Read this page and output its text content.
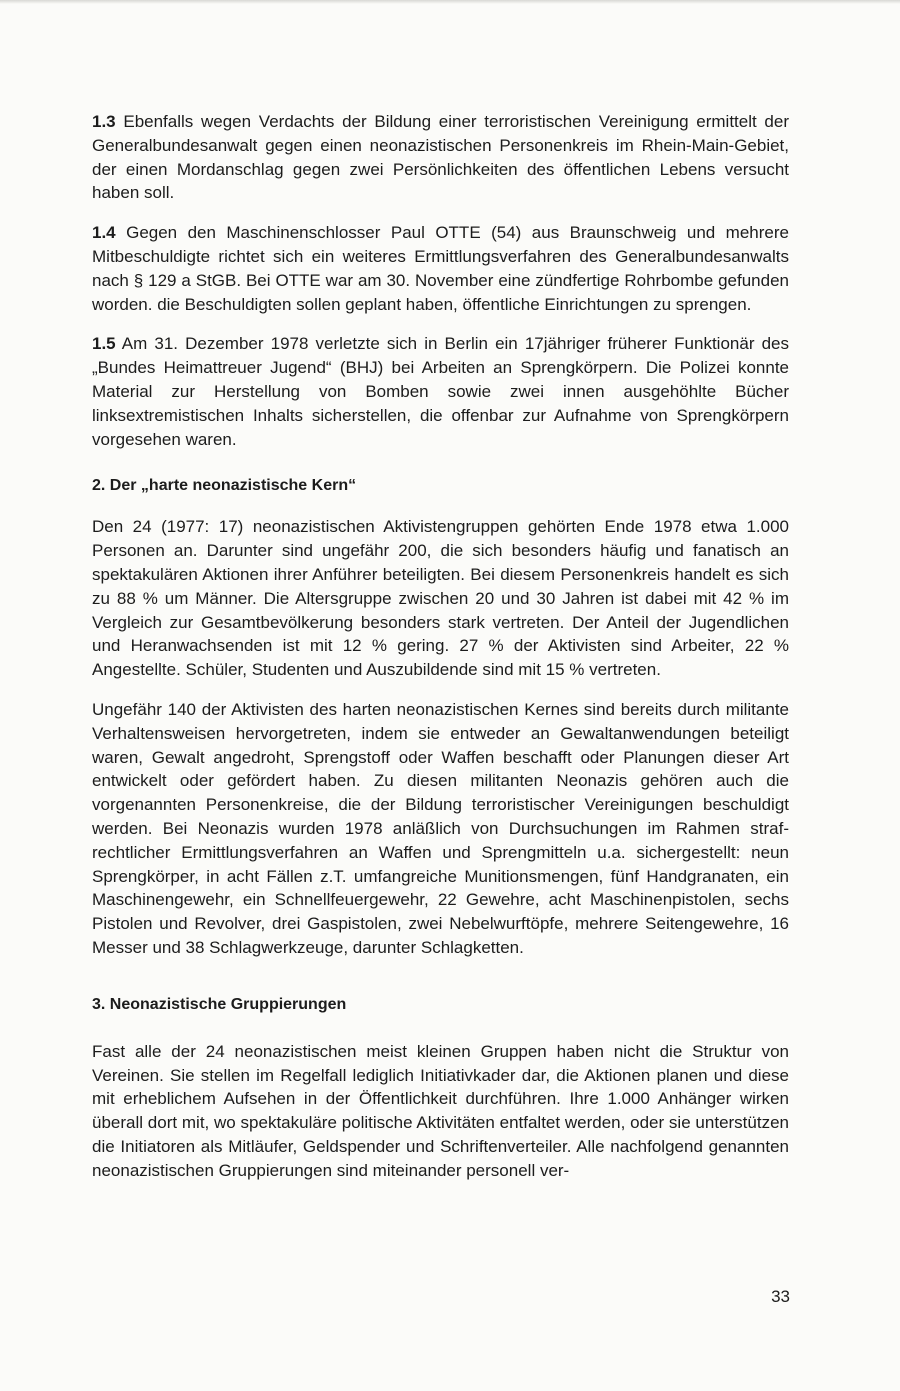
1.3 Ebenfalls wegen Verdachts der Bildung einer terroristischen Vereinigung ermittelt der Generalbundesanwalt gegen einen neonazistischen Personenkreis im Rhein-Main-Gebiet, der einen Mordanschlag gegen zwei Persönlichkeiten des öffentlichen Lebens versucht haben soll.

1.4 Gegen den Maschinenschlosser Paul OTTE (54) aus Braunschweig und mehrere Mitbeschuldigte richtet sich ein weiteres Ermittlungsverfahren des Generalbundesanwalts nach § 129 a StGB. Bei OTTE war am 30. November eine zündfertige Rohrbombe gefunden worden. die Beschuldigten sollen geplant haben, öffentliche Einrichtungen zu sprengen.

1.5 Am 31. Dezember 1978 verletzte sich in Berlin ein 17jähriger früherer Funktionär des „Bundes Heimattreuer Jugend“ (BHJ) bei Arbeiten an Sprengkörpern. Die Polizei konnte Material zur Herstellung von Bomben sowie zwei innen ausgehöhlte Bücher linksextremistischen Inhalts sicherstellen, die offenbar zur Aufnahme von Sprengkörpern vorgesehen waren.

2. Der „harte neonazistische Kern“

Den 24 (1977: 17) neonazistischen Aktivistengruppen gehörten Ende 1978 etwa 1.000 Personen an. Darunter sind ungefähr 200, die sich besonders häufig und fanatisch an spektakulären Aktionen ihrer Anführer beteiligten. Bei diesem Personenkreis handelt es sich zu 88 % um Männer. Die Altersgruppe zwischen 20 und 30 Jahren ist dabei mit 42 % im Vergleich zur Gesamtbevölkerung besonders stark vertreten. Der Anteil der Jugendlichen und Heranwachsenden ist mit 12 % gering. 27 % der Aktivisten sind Arbeiter, 22 % Angestellte. Schüler, Studenten und Auszubildende sind mit 15 % vertreten.

Ungefähr 140 der Aktivisten des harten neonazistischen Kernes sind bereits durch militante Verhaltensweisen hervorgetreten, indem sie entweder an Gewaltanwendungen beteiligt waren, Gewalt angedroht, Sprengstoff oder Waffen beschafft oder Planungen dieser Art entwickelt oder gefördert haben. Zu diesen militanten Neonazis gehören auch die vorgenannten Personenkreise, die der Bildung terroristischer Vereinigungen beschuldigt werden. Bei Neonazis wurden 1978 anläßlich von Durchsuchungen im Rahmen strafrechtlicher Ermittlungsverfahren an Waffen und Sprengmitteln u.a. sichergestellt: neun Sprengkörper, in acht Fällen z.T. umfangreiche Munitionsmengen, fünf Handgranaten, ein Maschinengewehr, ein Schnellfeuergewehr, 22 Gewehre, acht Maschinenpistolen, sechs Pistolen und Revolver, drei Gaspistolen, zwei Nebelwurftöpfe, mehrere Seitengewehre, 16 Messer und 38 Schlagwerkzeuge, darunter Schlagketten.

3. Neonazistische Gruppierungen

Fast alle der 24 neonazistischen meist kleinen Gruppen haben nicht die Struktur von Vereinen. Sie stellen im Regelfall lediglich Initiativkader dar, die Aktionen planen und diese mit erheblichem Aufsehen in der Öffentlichkeit durchführen. Ihre 1.000 Anhänger wirken überall dort mit, wo spektakuläre politische Aktivitäten entfaltet werden, oder sie unterstützen die Initiatoren als Mitläufer, Geldspender und Schriftenverteiler. Alle nachfolgend genannten neonazistischen Gruppierungen sind miteinander personell ver-

33
